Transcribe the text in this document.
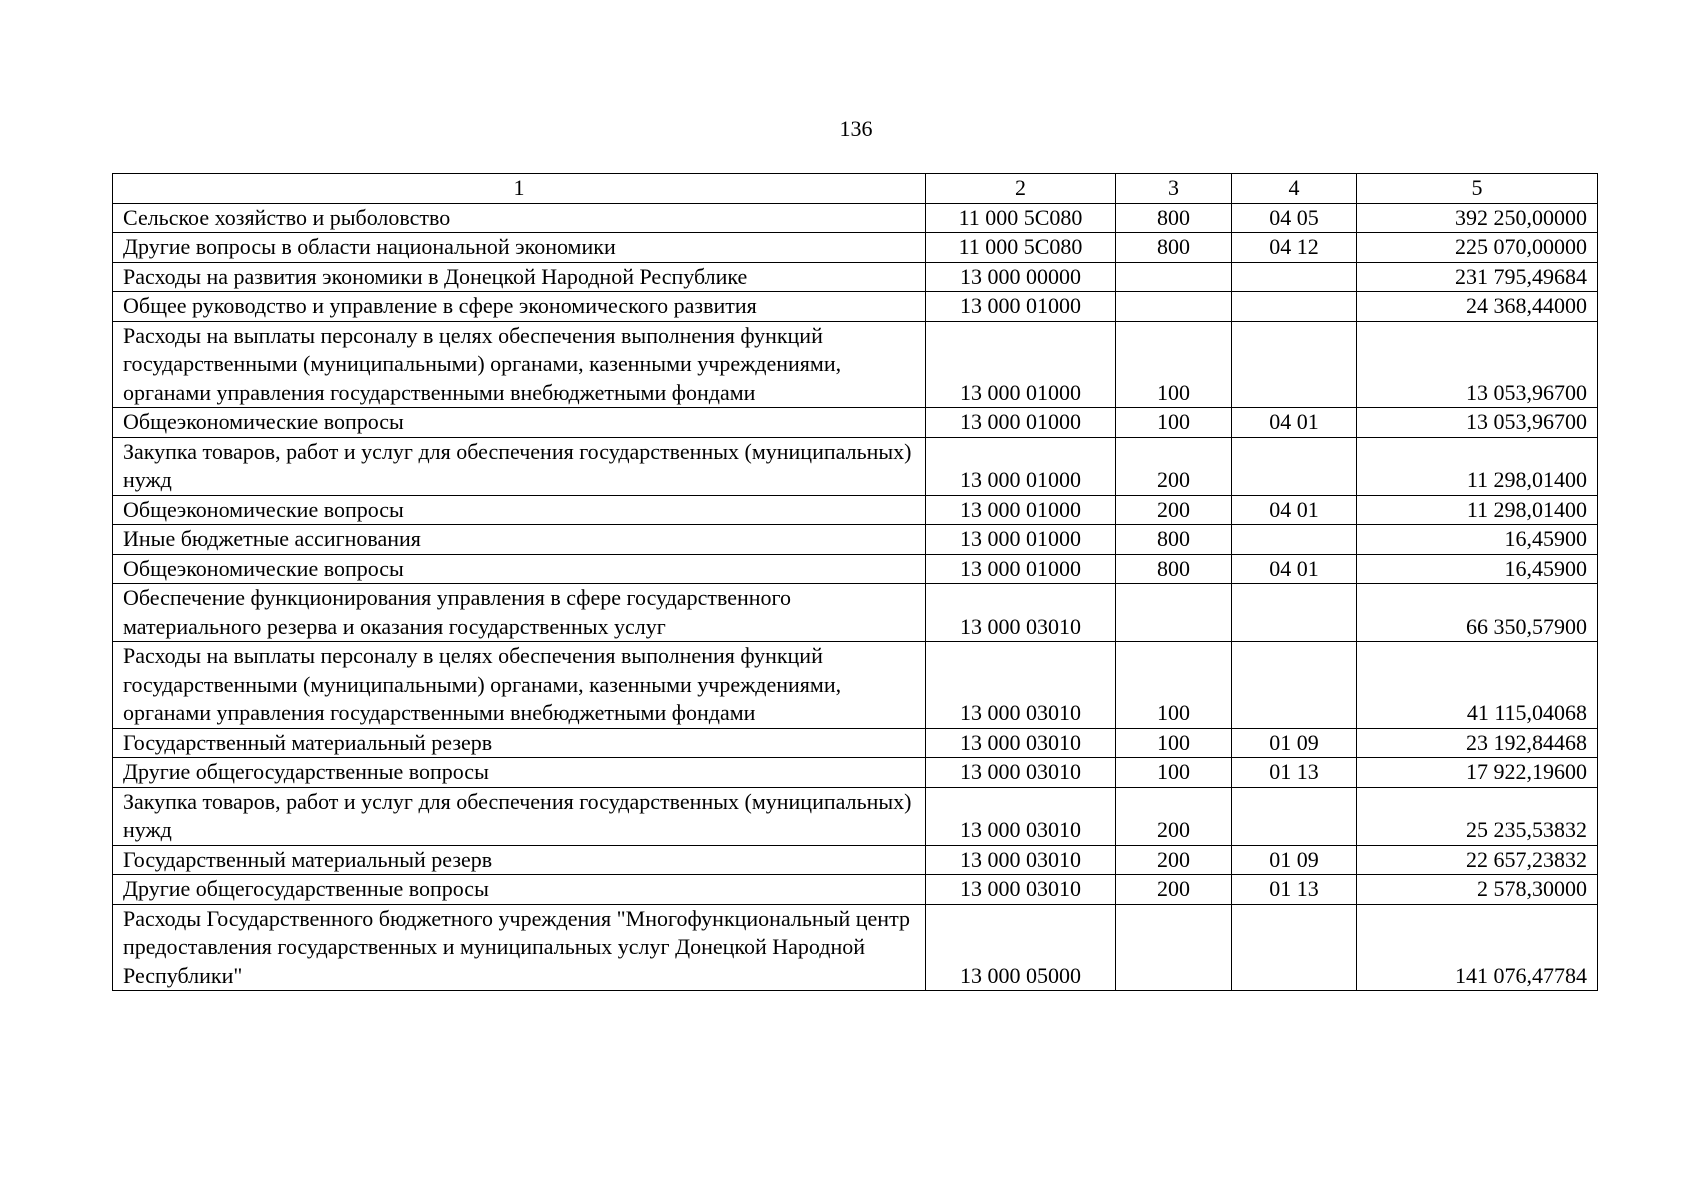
136
1	2	3	4	5
Сельское хозяйство и рыболовство	11 000 5С080	800	04 05	392 250,00000
Другие вопросы в области национальной экономики	11 000 5С080	800	04 12	225 070,00000
Расходы на развития экономики в Донецкой Народной Республике	13 000 00000			231 795,49684
Общее руководство и управление в сфере экономического развития	13 000 01000			24 368,44000
Расходы на выплаты персоналу в целях обеспечения выполнения функций государственными (муниципальными) органами, казенными учреждениями, органами управления государственными внебюджетными фондами	13 000 01000	100		13 053,96700
Общеэкономические вопросы	13 000 01000	100	04 01	13 053,96700
Закупка товаров, работ и услуг для обеспечения государственных (муниципальных) нужд	13 000 01000	200		11 298,01400
Общеэкономические вопросы	13 000 01000	200	04 01	11 298,01400
Иные бюджетные ассигнования	13 000 01000	800		16,45900
Общеэкономические вопросы	13 000 01000	800	04 01	16,45900
Обеспечение функционирования управления в сфере государственного материального резерва и оказания государственных услуг	13 000 03010			66 350,57900
Расходы на выплаты персоналу в целях обеспечения выполнения функций государственными (муниципальными) органами, казенными учреждениями, органами управления государственными внебюджетными фондами	13 000 03010	100		41 115,04068
Государственный материальный резерв	13 000 03010	100	01 09	23 192,84468
Другие общегосударственные вопросы	13 000 03010	100	01 13	17 922,19600
Закупка товаров, работ и услуг для обеспечения государственных (муниципальных) нужд	13 000 03010	200		25 235,53832
Государственный материальный резерв	13 000 03010	200	01 09	22 657,23832
Другие общегосударственные вопросы	13 000 03010	200	01 13	2 578,30000
Расходы Государственного бюджетного учреждения "Многофункциональный центр предоставления государственных и муниципальных услуг Донецкой Народной Республики"	13 000 05000			141 076,47784
